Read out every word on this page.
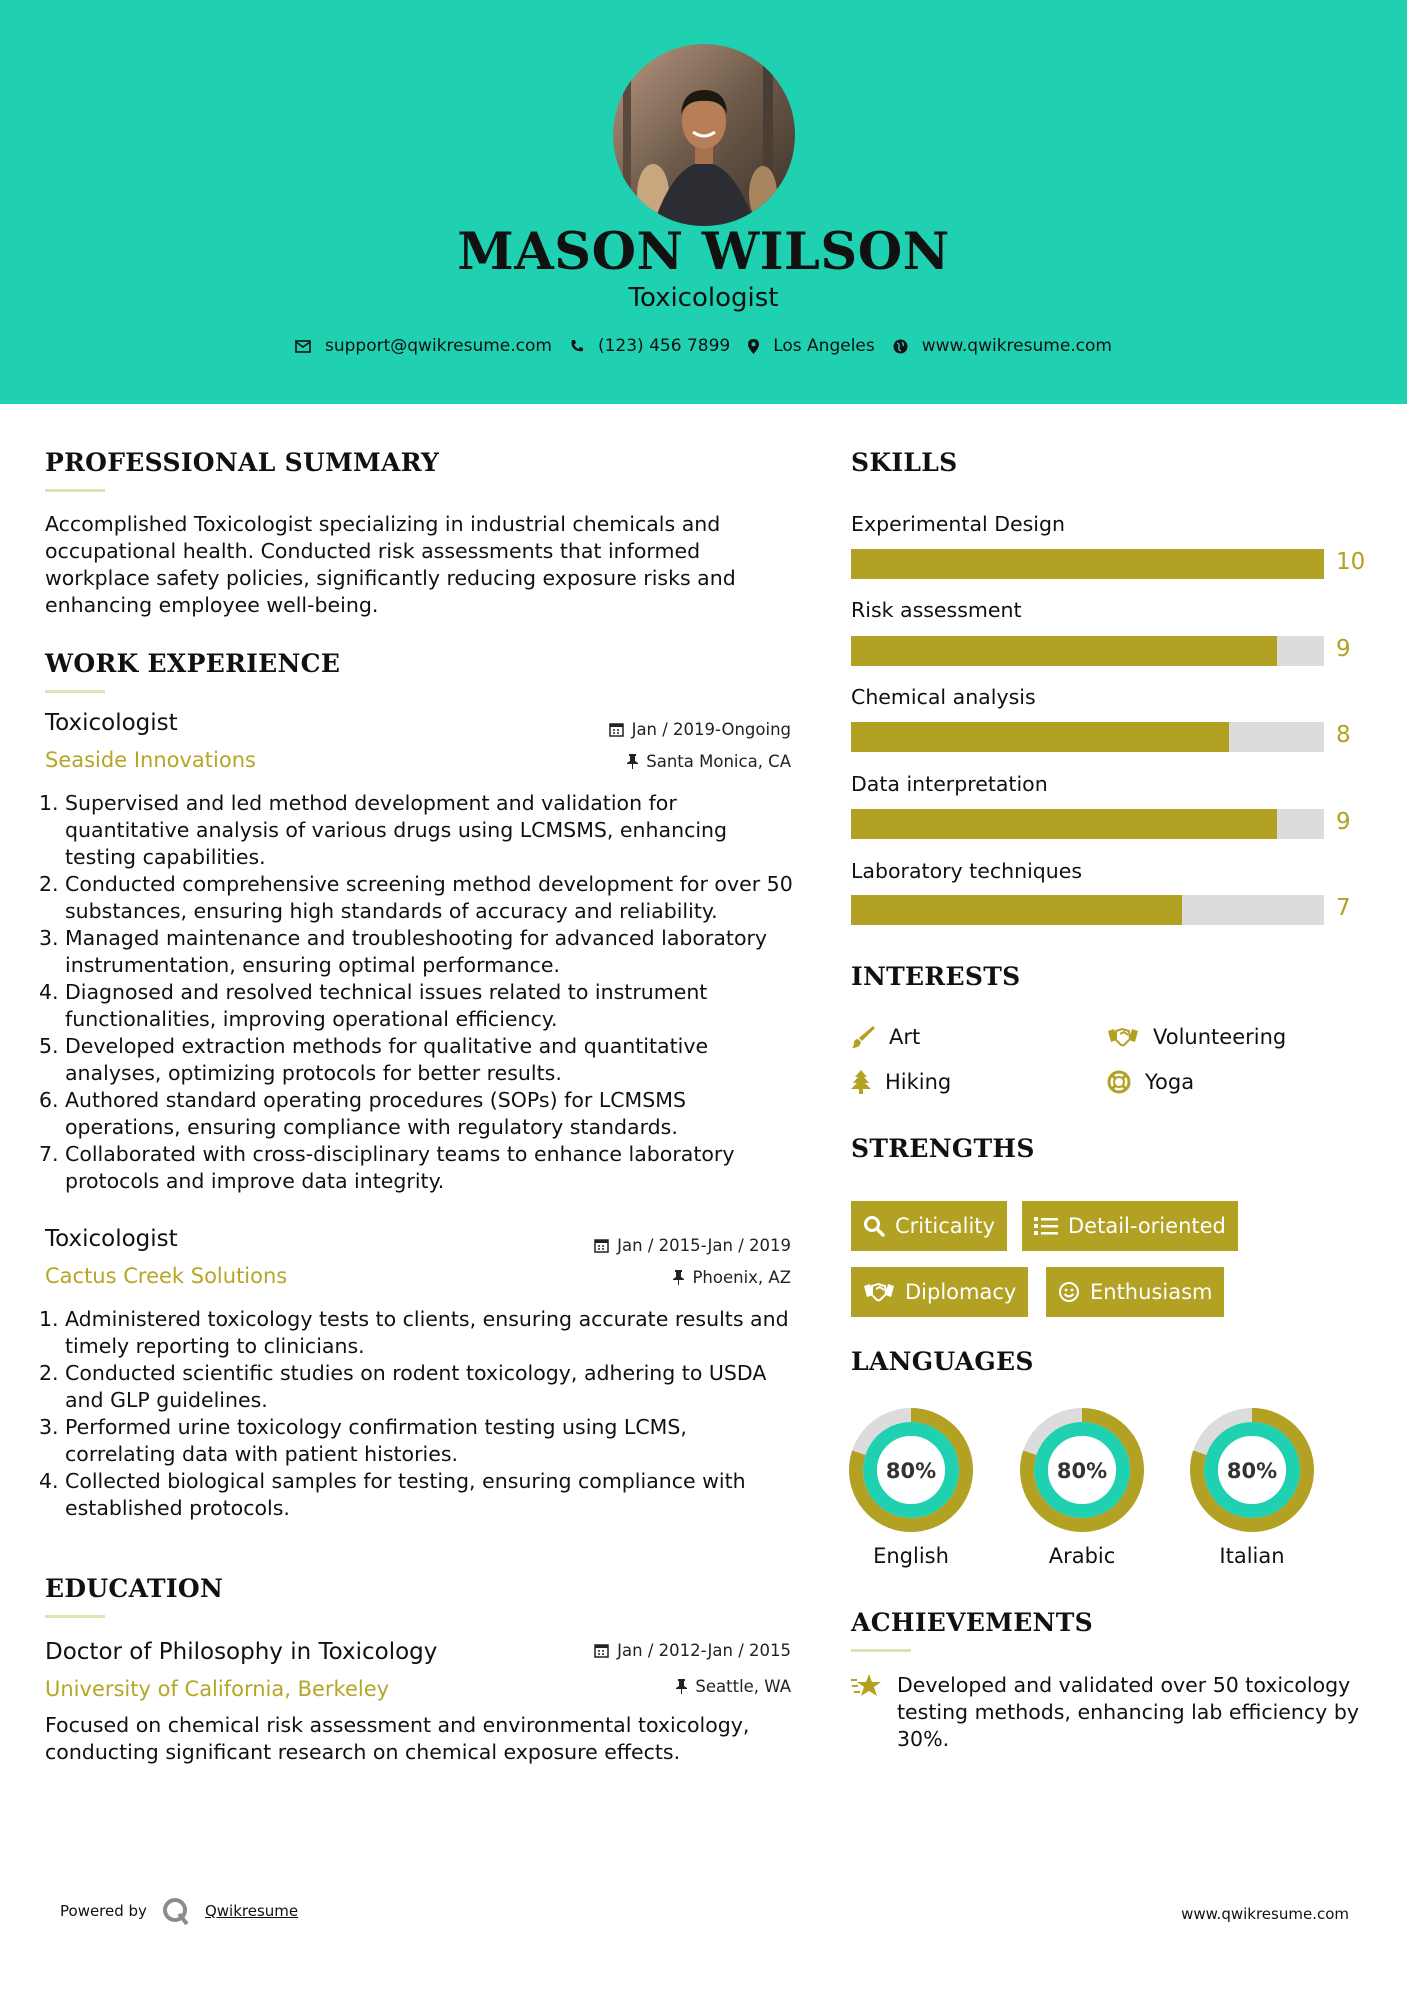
MASON WILSON
Toxicologist
support@qwikresume.com	(123) 456 7899	Los Angeles	www.qwikresume.com
PROFESSIONAL SUMMARY
Accomplished Toxicologist specializing in industrial chemicals and occupational health. Conducted risk assessments that informed workplace safety policies, significantly reducing exposure risks and enhancing employee well-being.
WORK EXPERIENCE
Toxicologist	Jan / 2019-Ongoing
Seaside Innovations	Santa Monica, CA
1. Supervised and led method development and validation for quantitative analysis of various drugs using LCMSMS, enhancing testing capabilities.
2. Conducted comprehensive screening method development for over 50 substances, ensuring high standards of accuracy and reliability.
3. Managed maintenance and troubleshooting for advanced laboratory instrumentation, ensuring optimal performance.
4. Diagnosed and resolved technical issues related to instrument functionalities, improving operational efficiency.
5. Developed extraction methods for qualitative and quantitative analyses, optimizing protocols for better results.
6. Authored standard operating procedures (SOPs) for LCMSMS operations, ensuring compliance with regulatory standards.
7. Collaborated with cross-disciplinary teams to enhance laboratory protocols and improve data integrity.
Toxicologist	Jan / 2015-Jan / 2019
Cactus Creek Solutions	Phoenix, AZ
1. Administered toxicology tests to clients, ensuring accurate results and timely reporting to clinicians.
2. Conducted scientific studies on rodent toxicology, adhering to USDA and GLP guidelines.
3. Performed urine toxicology confirmation testing using LCMS, correlating data with patient histories.
4. Collected biological samples for testing, ensuring compliance with established protocols.
EDUCATION
Doctor of Philosophy in Toxicology	Jan / 2012-Jan / 2015
University of California, Berkeley	Seattle, WA
Focused on chemical risk assessment and environmental toxicology, conducting significant research on chemical exposure effects.
SKILLS
Experimental Design
10
Risk assessment
9
Chemical analysis
8
Data interpretation
9
Laboratory techniques
7
INTERESTS
Art	Volunteering
Hiking	Yoga
STRENGTHS
Criticality	Detail-oriented
Diplomacy	Enthusiasm
LANGUAGES
80%
English
80%
Arabic
80%
Italian
ACHIEVEMENTS
Developed and validated over 50 toxicology testing methods, enhancing lab efficiency by 30%.
Powered by	Qwikresume	www.qwikresume.com
